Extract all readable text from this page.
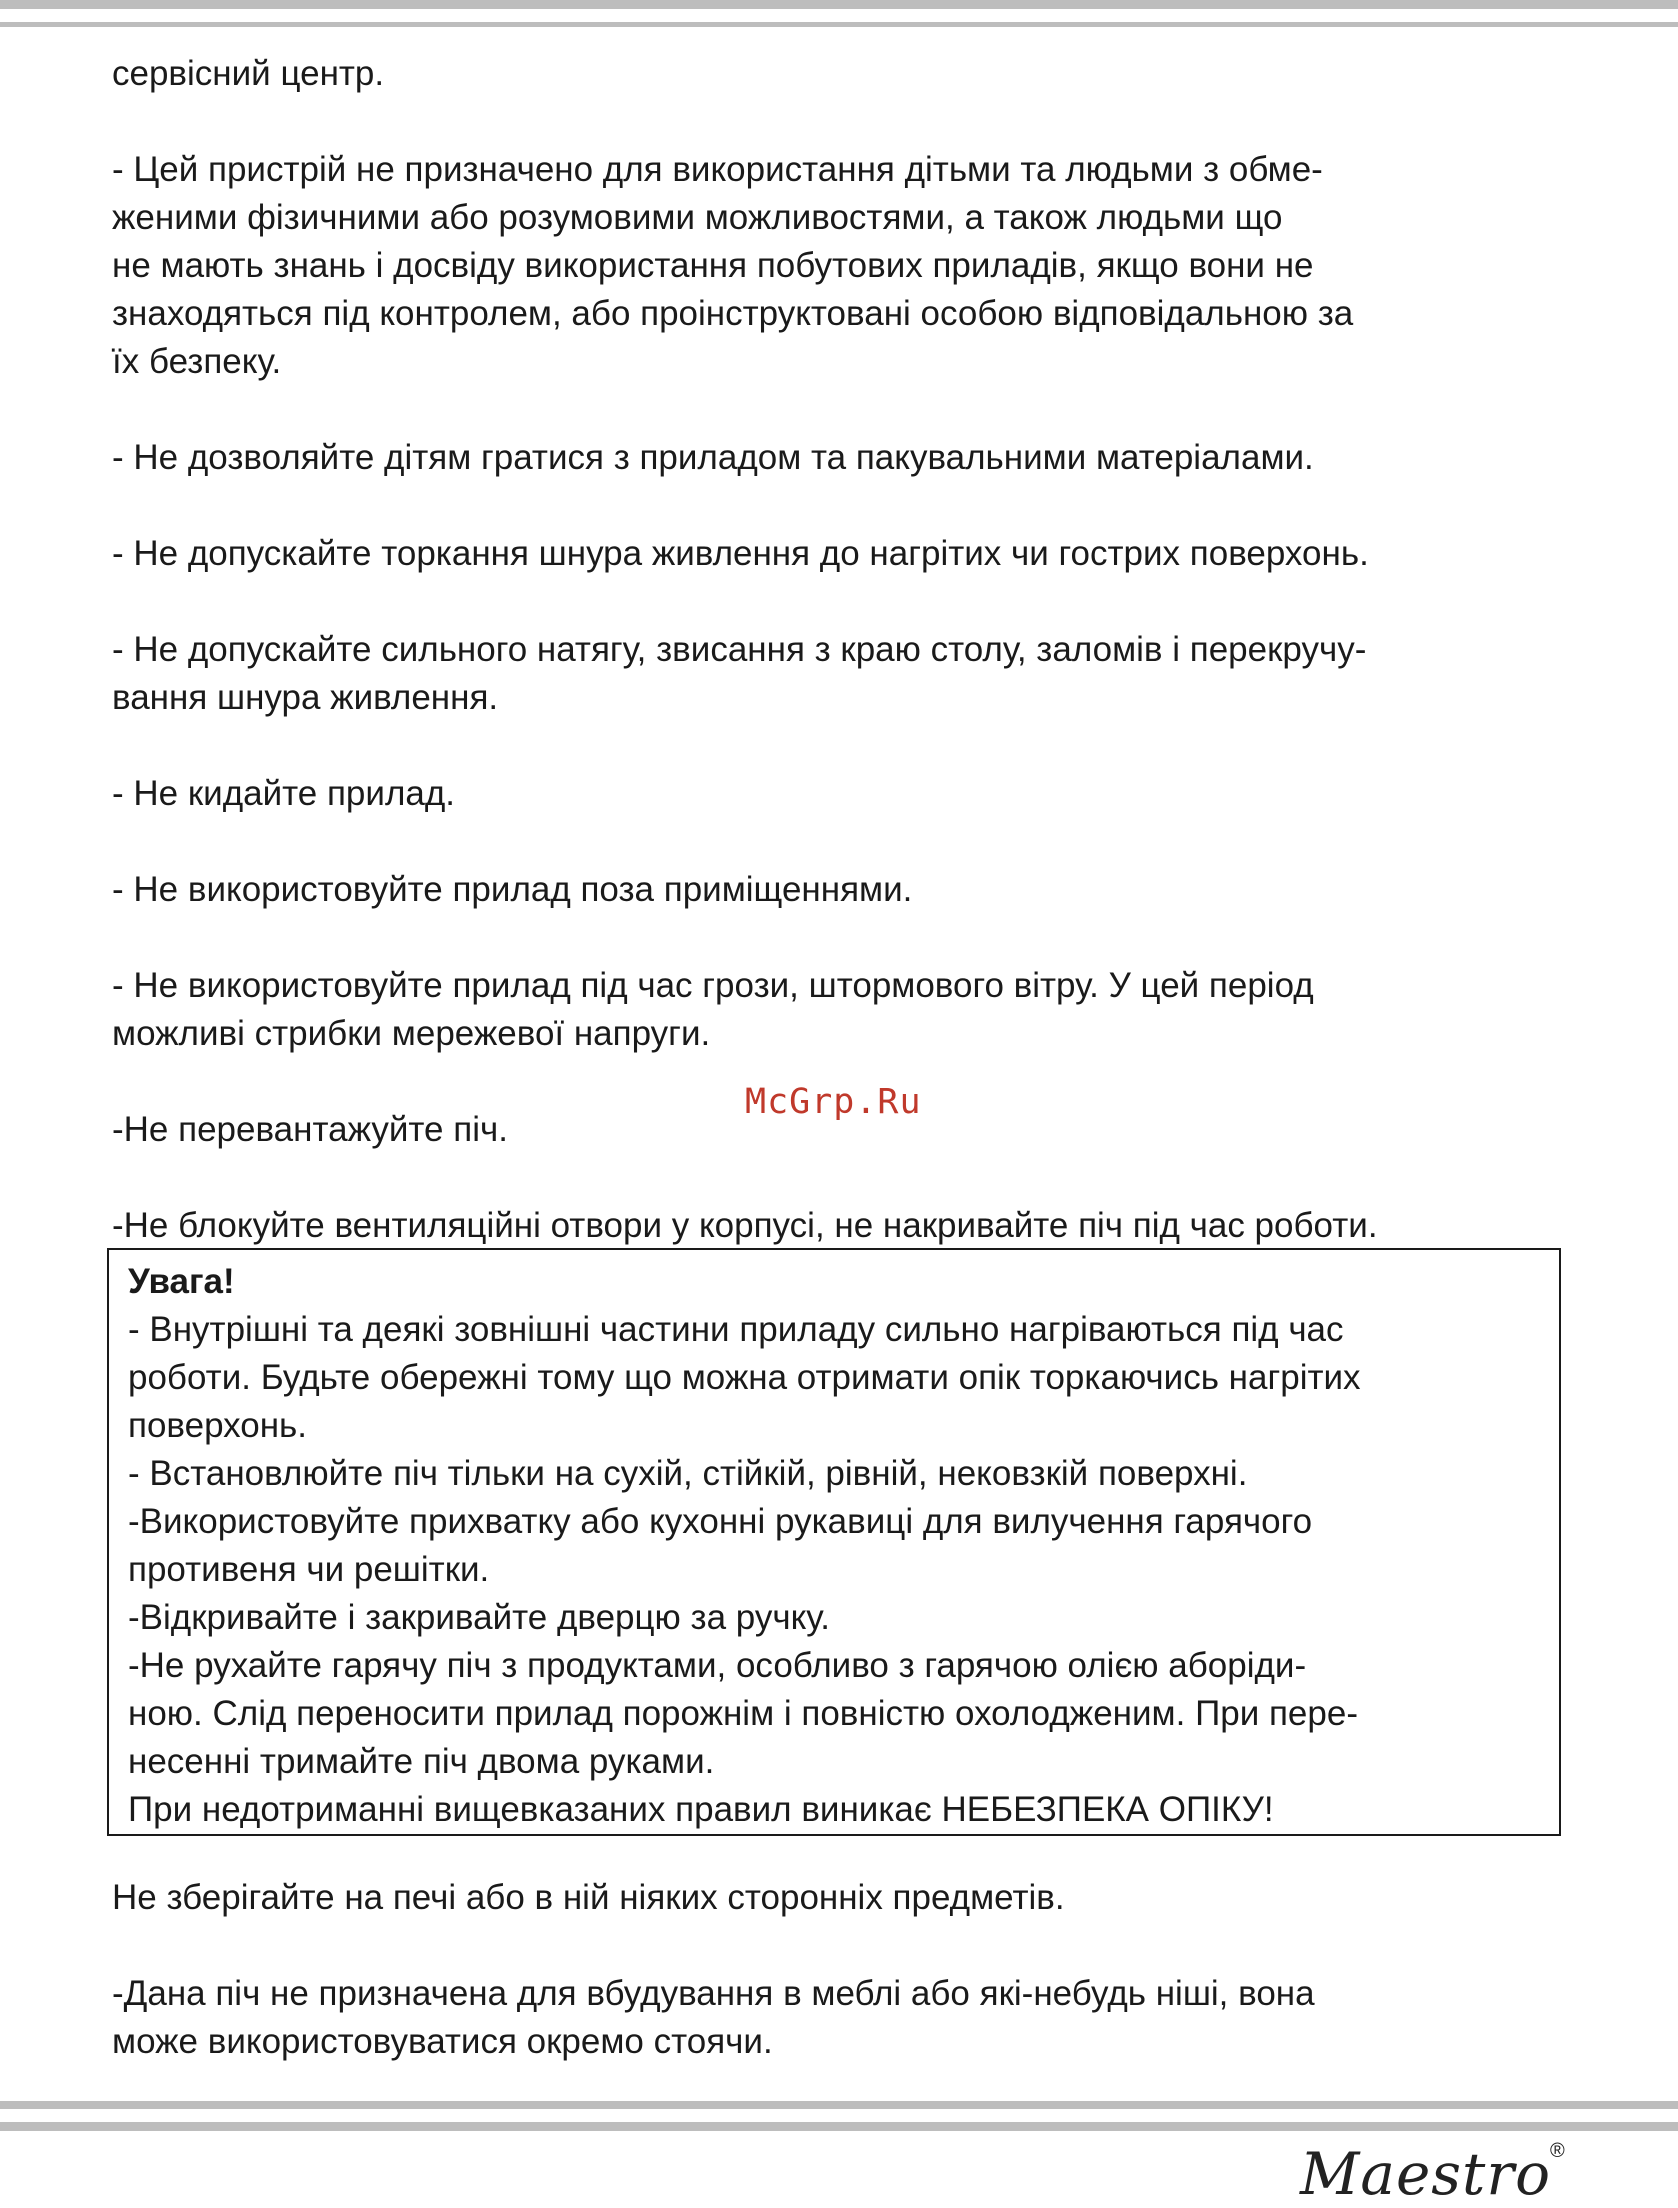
сервісний центр.

- Цей пристрій не призначено для використання дітьми та людьми з обме-
женими фізичними або розумовими можливостями, а також людьми що
не мають знань і досвіду використання побутових приладів, якщо вони не
знаходяться під контролем, або проінструктовані особою відповідальною за
їх безпеку.

- Не дозволяйте дітям гратися з приладом та пакувальними матеріалами.

- Не допускайте торкання шнура живлення до нагрітих чи гострих поверхонь.

- Не допускайте сильного натягу, звисання з краю столу, заломів і перекручу-
вання шнура живлення.

- Не кидайте прилад.

- Не використовуйте прилад поза приміщеннями.

- Не використовуйте прилад під час грози, штормового вітру. У цей період
можливі стрибки мережевої напруги.

-Не перевантажуйте піч.

-Не блокуйте вентиляційні отвори у корпусі, не накривайте піч під час роботи.

McGrp.Ru
Увага!
- Внутрішні та деякі зовнішні частини приладу сильно нагріваються під час
роботи. Будьте обережні тому що можна отримати опік торкаючись нагрітих
поверхонь.
- Встановлюйте піч тільки на сухій, стійкій, рівній, нековзкій поверхні.
-Використовуйте прихватку або кухонні рукавиці для вилучення гарячого
противеня чи решітки.
-Відкривайте і закривайте дверцю за ручку.
-Не рухайте гарячу піч з продуктами, особливо з гарячою олією аборіди-
ною. Слід переносити прилад порожнім і повністю охолодженим. При пере-
несенні тримайте піч двома руками.
При недотриманні вищевказаних правил виникає НЕБЕЗПЕКА ОПІКУ!

Не зберігайте на печі або в ній ніяких сторонніх предметів.

-Дана піч не призначена для вбудування в меблі або які-небудь ніші, вона
може використовуватися окремо стоячи.

Maestro
®
